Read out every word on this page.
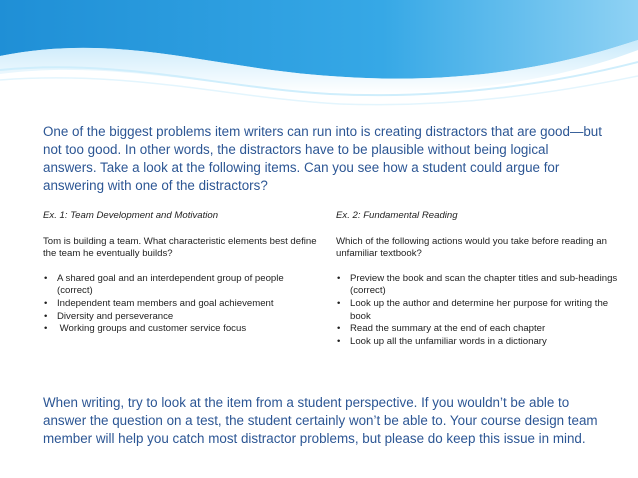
One of the biggest problems item writers can run into is creating distractors that are good—but not too good. In other words, the distractors have to be plausible without being logical answers. Take a look at the following items. Can you see how a student could argue for answering with one of the distractors?

Ex. 1: Team Development and Motivation

Tom is building a team. What characteristic elements best define the team he eventually builds?

• A shared goal and an interdependent group of people (correct)
• Independent team members and goal achievement
• Diversity and perseverance
• Working groups and customer service focus

Ex. 2: Fundamental Reading

Which of the following actions would you take before reading an unfamiliar textbook?

• Preview the book and scan the chapter titles and sub-headings (correct)
• Look up the author and determine her purpose for writing the book
• Read the summary at the end of each chapter
• Look up all the unfamiliar words in a dictionary

When writing, try to look at the item from a student perspective. If you wouldn’t be able to answer the question on a test, the student certainly won’t be able to. Your course design team member will help you catch most distractor problems, but please do keep this issue in mind.
